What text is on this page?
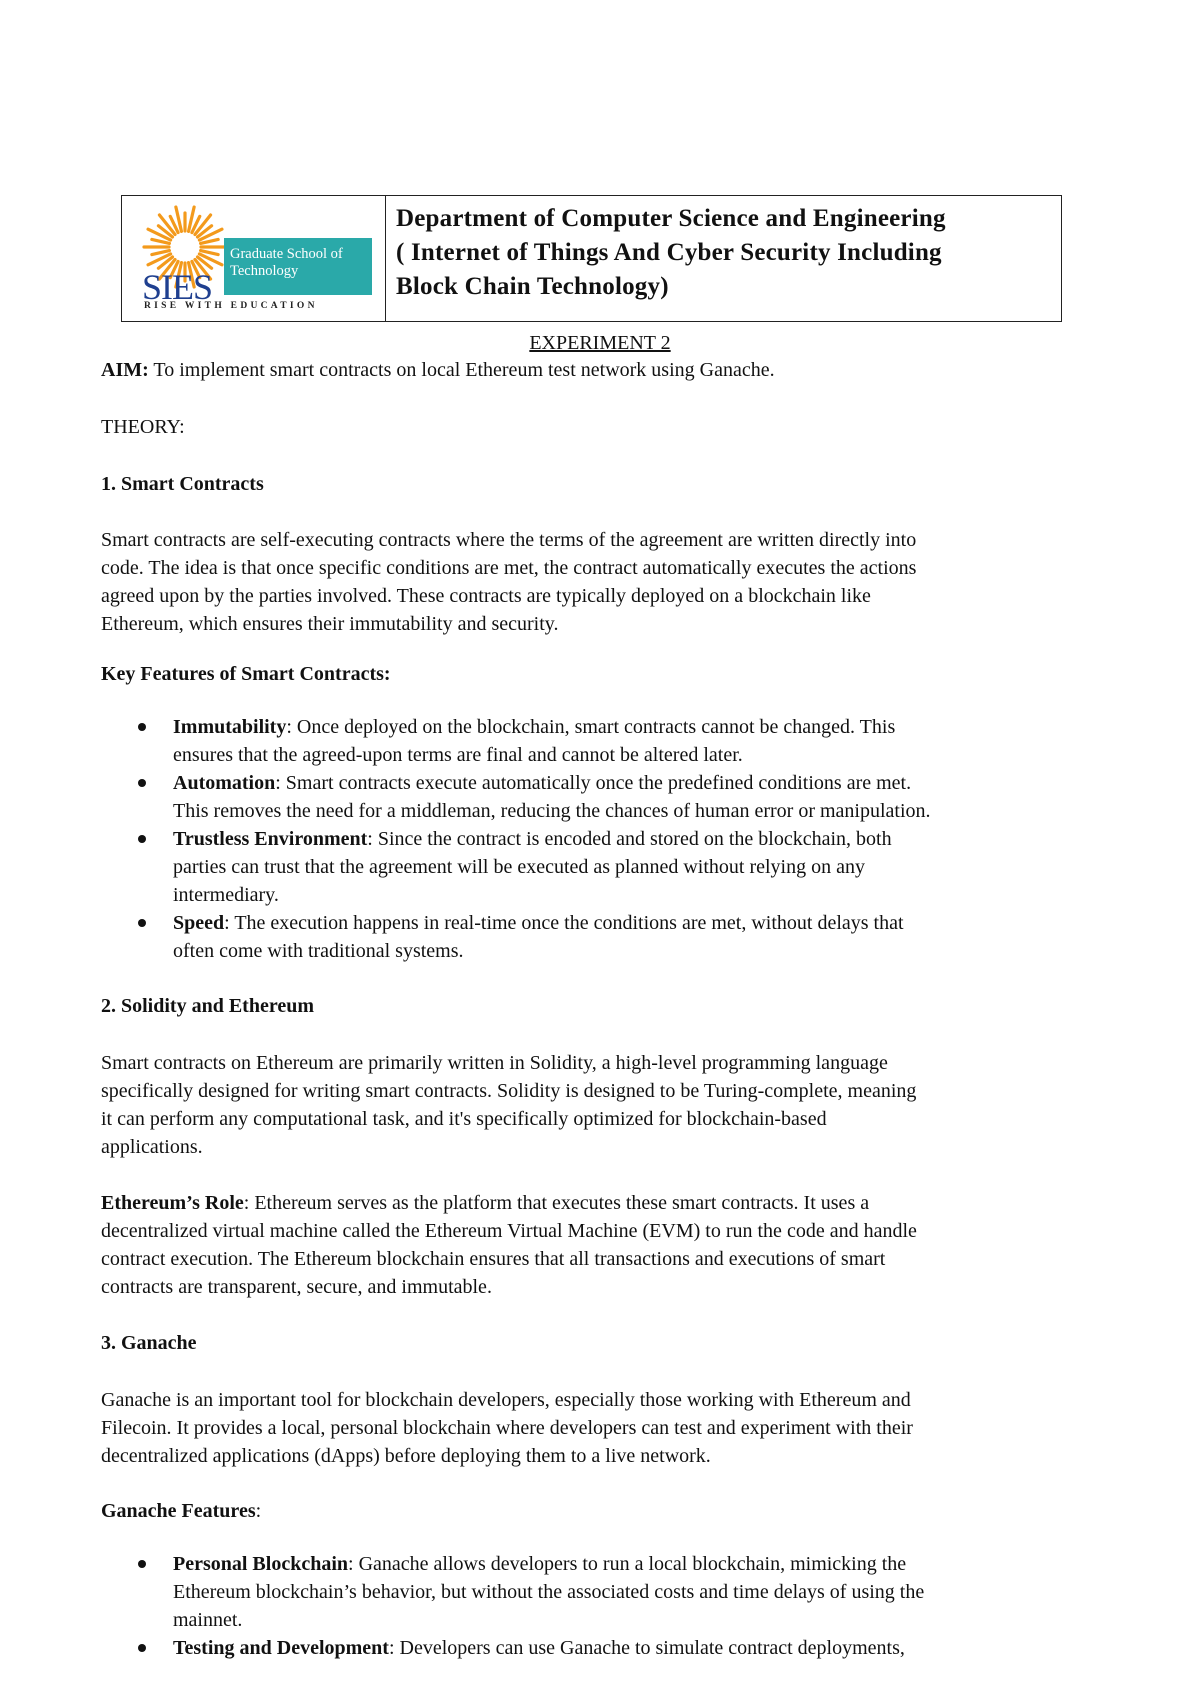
Graduate School of Technology
SIES
RISE WITH EDUCATION
Department of Computer Science and Engineering
( Internet of Things And Cyber Security Including
Block Chain Technology)
EXPERIMENT 2
AIM: To implement smart contracts on local Ethereum test network using Ganache.
THEORY:
1. Smart Contracts
Smart contracts are self-executing contracts where the terms of the agreement are written directly into
code. The idea is that once specific conditions are met, the contract automatically executes the actions
agreed upon by the parties involved. These contracts are typically deployed on a blockchain like
Ethereum, which ensures their immutability and security.
Key Features of Smart Contracts:
Immutability: Once deployed on the blockchain, smart contracts cannot be changed. This
ensures that the agreed-upon terms are final and cannot be altered later.
Automation: Smart contracts execute automatically once the predefined conditions are met.
This removes the need for a middleman, reducing the chances of human error or manipulation.
Trustless Environment: Since the contract is encoded and stored on the blockchain, both
parties can trust that the agreement will be executed as planned without relying on any
intermediary.
Speed: The execution happens in real-time once the conditions are met, without delays that
often come with traditional systems.
2. Solidity and Ethereum
Smart contracts on Ethereum are primarily written in Solidity, a high-level programming language
specifically designed for writing smart contracts. Solidity is designed to be Turing-complete, meaning
it can perform any computational task, and it's specifically optimized for blockchain-based
applications.
Ethereum’s Role: Ethereum serves as the platform that executes these smart contracts. It uses a
decentralized virtual machine called the Ethereum Virtual Machine (EVM) to run the code and handle
contract execution. The Ethereum blockchain ensures that all transactions and executions of smart
contracts are transparent, secure, and immutable.
3. Ganache
Ganache is an important tool for blockchain developers, especially those working with Ethereum and
Filecoin. It provides a local, personal blockchain where developers can test and experiment with their
decentralized applications (dApps) before deploying them to a live network.
Ganache Features:
Personal Blockchain: Ganache allows developers to run a local blockchain, mimicking the
Ethereum blockchain’s behavior, but without the associated costs and time delays of using the
mainnet.
Testing and Development: Developers can use Ganache to simulate contract deployments,
